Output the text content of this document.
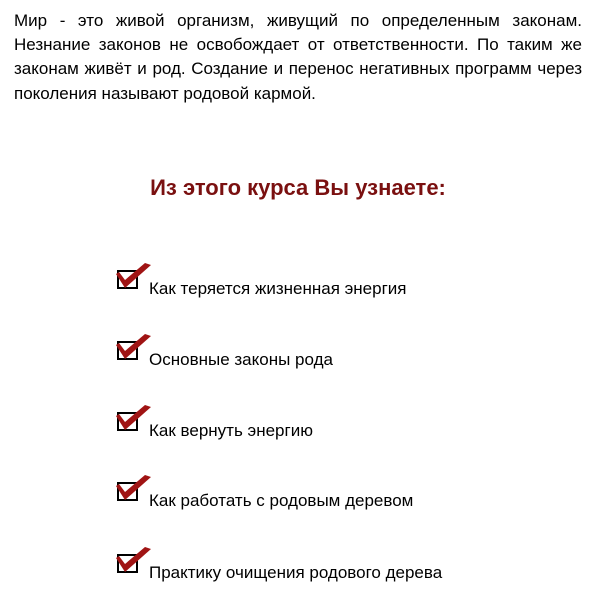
Мир - это живой организм, живущий по определенным законам. Незнание законов не освобождает от ответственности. По таким же законам живёт и род. Создание и перенос негативных программ через поколения называют родовой кармой.

Из этого курса Вы узнаете:
Как теряется жизненная энергия
Основные законы рода
Как вернуть энергию
Как работать с родовым деревом
Практику очищения родового дерева
